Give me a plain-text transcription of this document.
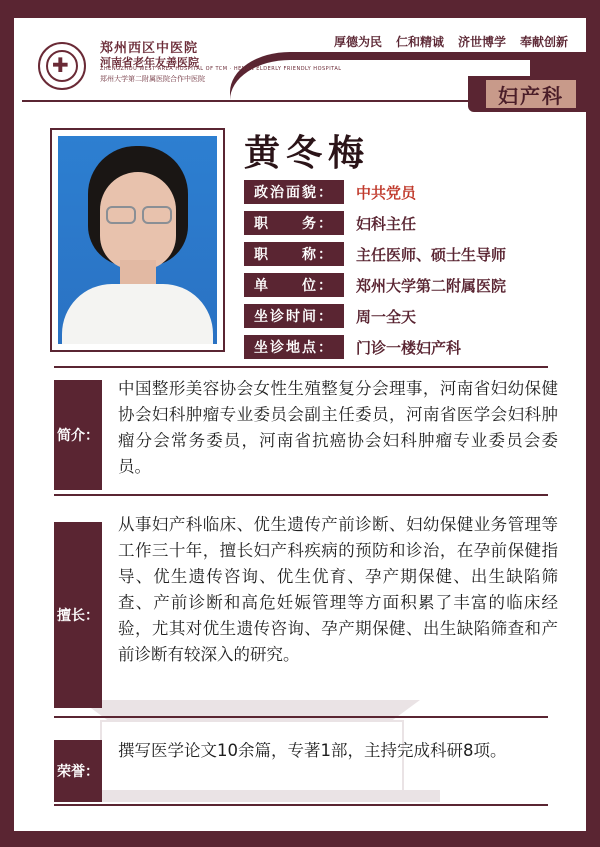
✚
郑州西区中医院
河南省老年友善医院
ZHENGZHOU WEST AREA HOSPITAL OF TCM · HENAN ELDERLY FRIENDLY HOSPITAL
郑州大学第二附属医院合作中医院
厚德为民 仁和精诚 济世博学 奉献创新
妇产科
黄冬梅
政治面貌：	中共党员
职　　务：	妇科主任
职　　称：	主任医师、硕士生导师
单　　位：	郑州大学第二附属医院
坐诊时间：	周一全天
坐诊地点：	门诊一楼妇产科
简介：
中国整形美容协会女性生殖整复分会理事，河南省妇幼保健协会妇科肿瘤专业委员会副主任委员，河南省医学会妇科肿瘤分会常务委员，河南省抗癌协会妇科肿瘤专业委员会委员。
擅长：
从事妇产科临床、优生遗传产前诊断、妇幼保健业务管理等工作三十年，擅长妇产科疾病的预防和诊治，在孕前保健指导、优生遗传咨询、优生优育、孕产期保健、出生缺陷筛查、产前诊断和高危妊娠管理等方面积累了丰富的临床经验，尤其对优生遗传咨询、孕产期保健、出生缺陷筛查和产前诊断有较深入的研究。
荣誉：
撰写医学论文10余篇，专著1部，主持完成科研8项。
